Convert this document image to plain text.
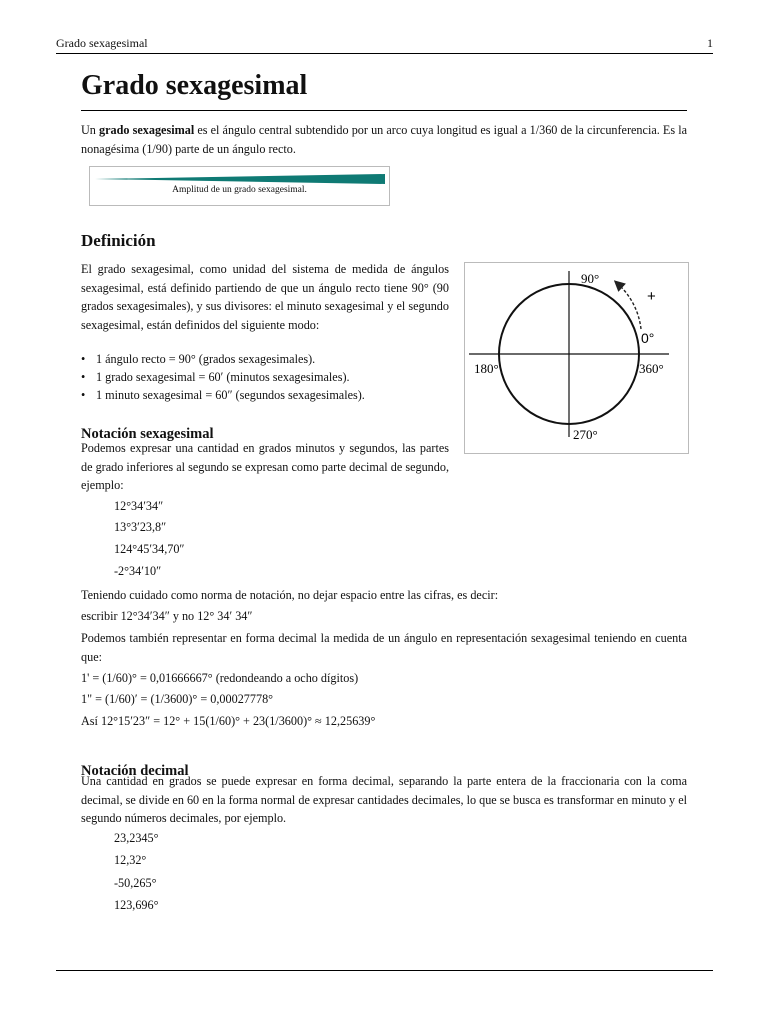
Grado sexagesimal	1
Grado sexagesimal

Un grado sexagesimal es el ángulo central subtendido por un arco cuya longitud es igual a 1/360 de la circunferencia. Es la nonagésima (1/90) parte de un ángulo recto.

Amplitud de un grado sexagesimal.
Definición

El grado sexagesimal, como unidad del sistema de medida de ángulos sexagesimal, está definido partiendo de que un ángulo recto tiene 90° (90 grados sexagesimales), y sus divisores: el minuto sexagesimal y el segundo sexagesimal, están definidos del siguiente modo:

• 1 ángulo recto = 90° (grados sexagesimales).
• 1 grado sexagesimal = 60′ (minutos sexagesimales).
• 1 minuto sexagesimal = 60″ (segundos sexagesimales).
90°
+
0°
180°	360°
270°
Notación sexagesimal

Podemos expresar una cantidad en grados minutos y segundos, las partes de grado inferiores al segundo se expresan como parte decimal de segundo, ejemplo:

12°34′34″
13°3′23,8″
124°45′34,70″
-2°34′10″

Teniendo cuidado como norma de notación, no dejar espacio entre las cifras, es decir:

escribir 12°34′34″ y no 12° 34′ 34″

Podemos también representar en forma decimal la medida de un ángulo en representación sexagesimal teniendo en cuenta que:

1' = (1/60)° = 0,01666667° (redondeando a ocho dígitos)

1" = (1/60)′ = (1/3600)° = 0,00027778°

Así 12°15′23″ = 12° + 15(1/60)° + 23(1/3600)° ≈ 12,25639°

Notación decimal

Una cantidad en grados se puede expresar en forma decimal, separando la parte entera de la fraccionaria con la coma decimal, se divide en 60 en la forma normal de expresar cantidades decimales, lo que se busca es transformar en minuto y el segundo números decimales, por ejemplo.

23,2345°
12,32°
-50,265°
123,696°
